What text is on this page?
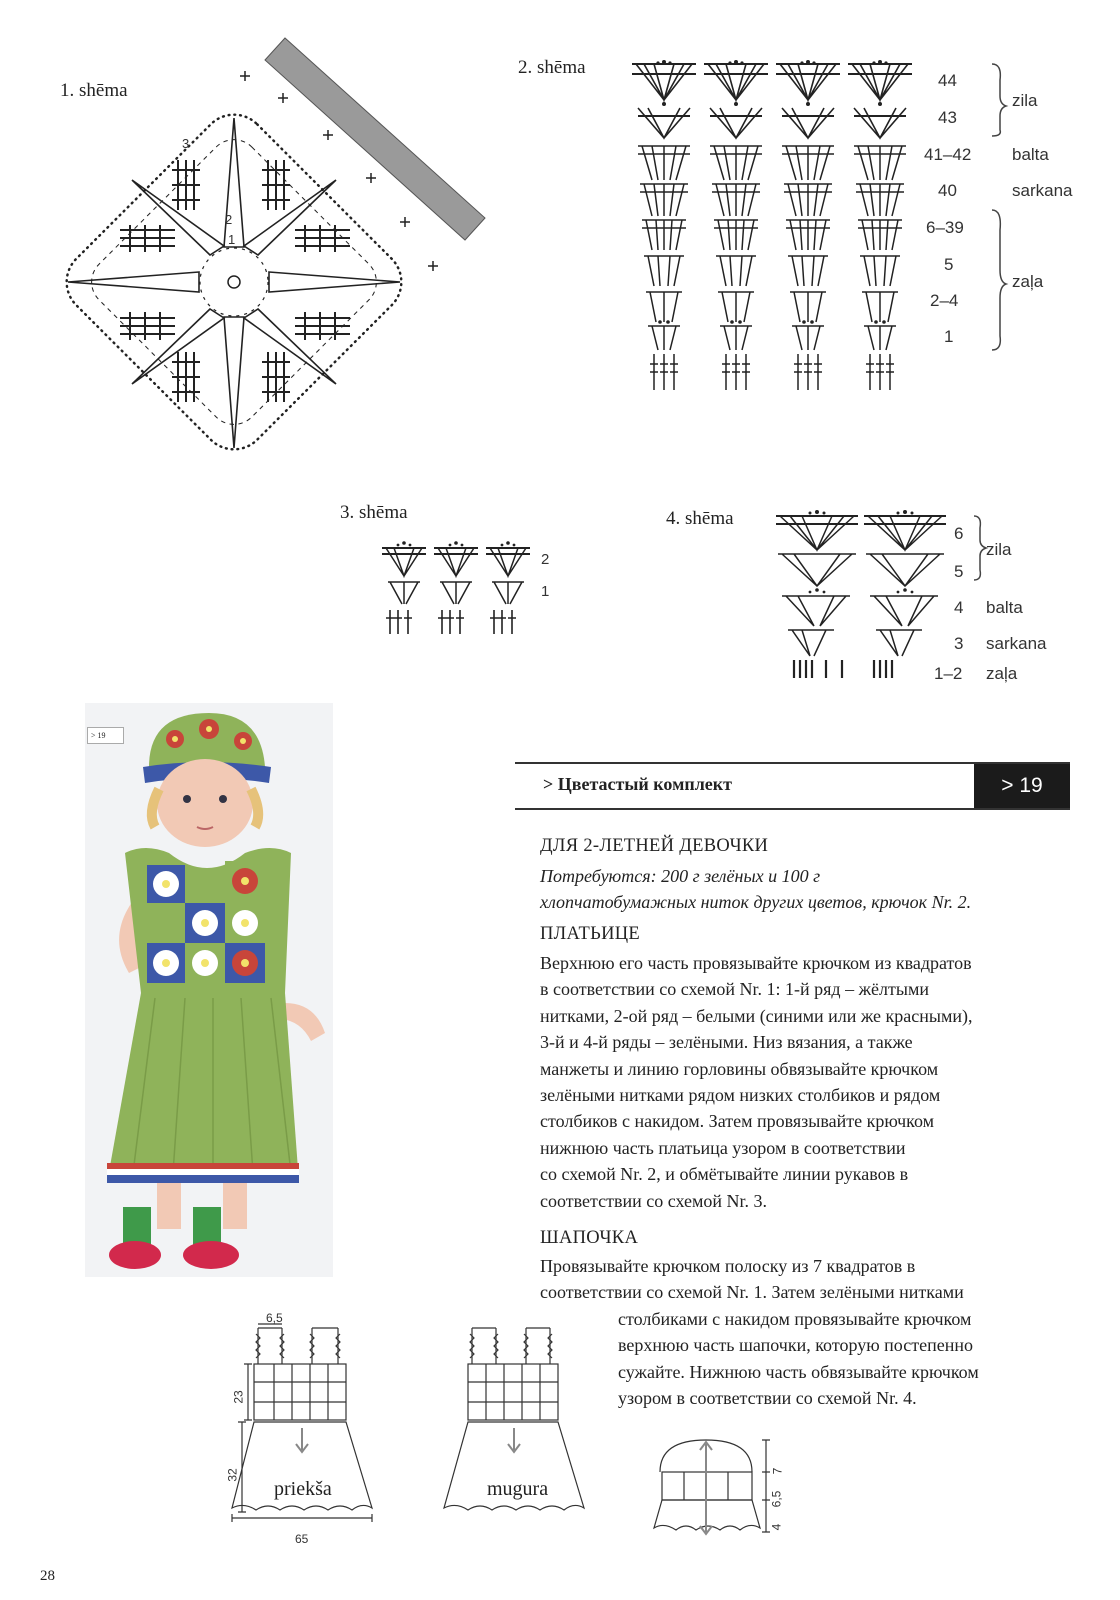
1. shēma
3
2
1
2. shēma
44
43
41–42
40
6–39
5
2–4
1
zila
balta
sarkana
zaļa
3. shēma
2
1
4. shēma
6
5
4
3
1–2
zila
balta
sarkana
zaļa
> 19
> Цветастый комплект	> 19
ДЛЯ 2-ЛЕТНЕЙ ДЕВОЧКИ
Потребуются: 200 г зелёных и 100 г
хлопчатобумажных ниток других цветов, крючок Nr. 2.
ПЛАТЬИЦЕ
Верхнюю его часть провязывайте крючком из квадратов
в соответствии со схемой Nr. 1: 1-й ряд – жёлтыми
нитками, 2-ой ряд – белыми (синими или же красными),
3-й и 4-й ряды – зелёными. Низ вязания, а также
манжеты и линию горловины обвязывайте крючком
зелёными нитками рядом низких столбиков и рядом
столбиков с накидом. Затем провязывайте крючком
нижнюю часть платьица узором в соответствии
со схемой Nr. 2, и обмётывайте линии рукавов в
соответствии со схемой Nr. 3.
ШАПОЧКА
Провязывайте крючком полоску из 7 квадратов в
соответствии со схемой Nr. 1. Затем зелёными нитками
столбиками с накидом провязывайте крючком
верхнюю часть шапочки, которую постепенно
сужайте. Нижнюю часть обвязывайте крючком
узором в соответствии со схемой Nr. 4.
6,5
23
32
65
priekša	mugura
7
6,5
4
28
